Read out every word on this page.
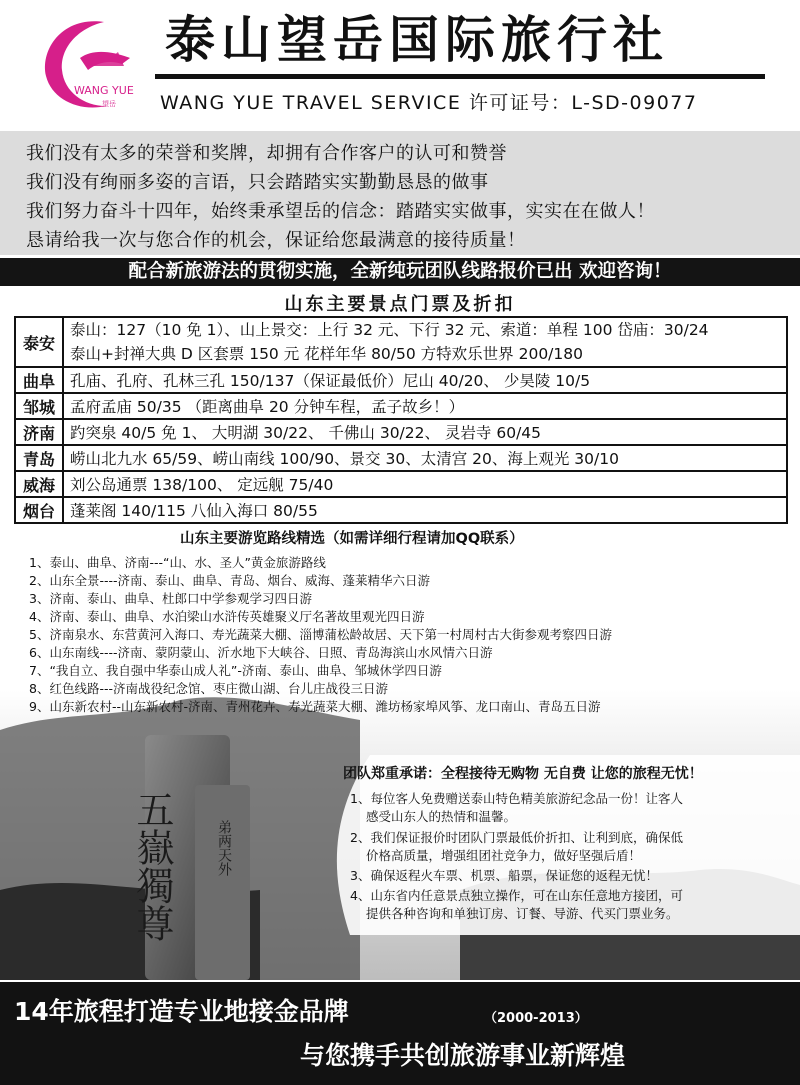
WANG YUE
望岳
泰山望岳国际旅行社
WANG YUE TRAVEL SERVICE 许可证号：L-SD-09077
我们没有太多的荣誉和奖牌，却拥有合作客户的认可和赞誉
我们没有绚丽多姿的言语，只会踏踏实实勤勤恳恳的做事
我们努力奋斗十四年，始终秉承望岳的信念：踏踏实实做事，实实在在做人！
恳请给我一次与您合作的机会，保证给您最满意的接待质量！
配合新旅游法的贯彻实施，全新纯玩团队线路报价已出 欢迎咨询！
山东主要景点门票及折扣
泰安	泰山：127（10 免 1）、山上景交：上行 32 元、下行 32 元、索道：单程 100 岱庙：30/24
泰山+封禅大典 D 区套票 150 元 花样年华 80/50 方特欢乐世界 200/180

曲阜	孔庙、孔府、孔林三孔 150/137（保证最低价）尼山 40/20、 少昊陵 10/5
邹城	孟府孟庙 50/35 （距离曲阜 20 分钟车程，孟子故乡！）
济南	趵突泉 40/5 免 1、 大明湖 30/22、 千佛山 30/22、 灵岩寺 60/45
青岛	崂山北九水 65/59、崂山南线 100/90、景交 30、太清宫 20、海上观光 30/10
威海	刘公岛通票 138/100、 定远舰 75/40
烟台	蓬莱阁 140/115 八仙入海口 80/55
五嶽獨尊	弟两天外
山东主要游览路线精选（如需详细行程请加QQ联系）
1、泰山、曲阜、济南---“山、水、圣人”黄金旅游路线
2、山东全景----济南、泰山、曲阜、青岛、烟台、威海、蓬莱精华六日游
3、济南、泰山、曲阜、杜郎口中学参观学习四日游
4、济南、泰山、曲阜、水泊梁山水浒传英雄聚义厅名著故里观光四日游
5、济南泉水、东营黄河入海口、寿光蔬菜大棚、淄博蒲松龄故居、天下第一村周村古大街参观考察四日游
6、山东南线----济南、蒙阴蒙山、沂水地下大峡谷、日照、青岛海滨山水风情六日游
7、“我自立、我自强中华泰山成人礼”-济南、泰山、曲阜、邹城休学四日游
8、红色线路---济南战役纪念馆、枣庄微山湖、台儿庄战役三日游
9、山东新农村--山东新农村-济南、青州花卉、寿光蔬菜大棚、潍坊杨家埠风筝、龙口南山、青岛五日游
团队郑重承诺：全程接待无购物 无自费 让您的旅程无忧！
1、每位客人免费赠送泰山特色精美旅游纪念品一份！让客人
感受山东人的热情和温馨。
2、我们保证报价时团队门票最低价折扣、让利到底，确保低
价格高质量，增强组团社竞争力，做好坚强后盾！
3、确保返程火车票、机票、船票，保证您的返程无忧！
4、山东省内任意景点独立操作，可在山东任意地方接团，可
提供各种咨询和单独订房、订餐、导游、代买门票业务。
14年旅程打造专业地接金品牌	（2000-2013）
与您携手共创旅游事业新辉煌
